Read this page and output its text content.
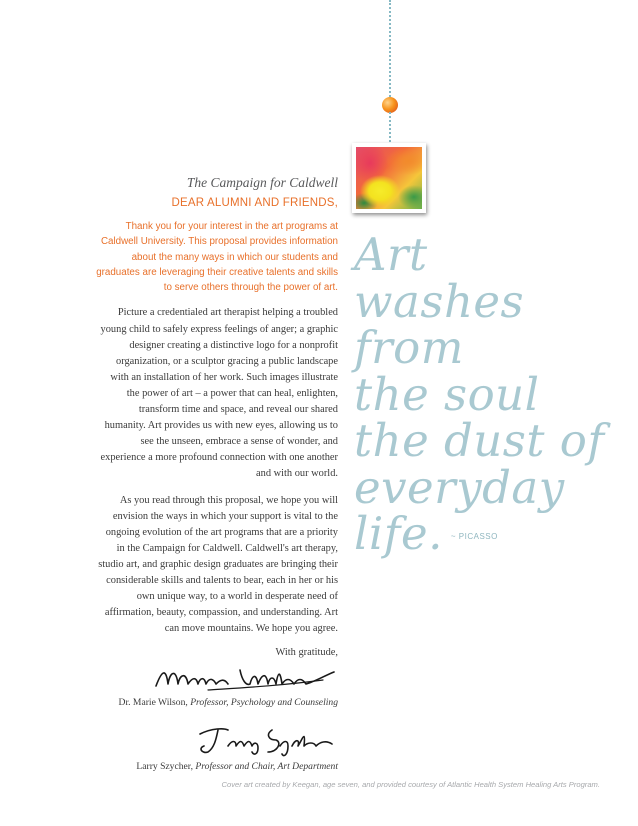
The Campaign for Caldwell

DEAR ALUMNI AND FRIENDS,

Thank you for your interest in the art programs at Caldwell University. This proposal provides information about the many ways in which our students and graduates are leveraging their creative talents and skills to serve others through the power of art.

Picture a credentialed art therapist helping a troubled young child to safely express feelings of anger; a graphic designer creating a distinctive logo for a nonprofit organization, or a sculptor gracing a public landscape with an installation of her work. Such images illustrate the power of art – a power that can heal, enlighten, transform time and space, and reveal our shared humanity. Art provides us with new eyes, allowing us to see the unseen, embrace a sense of wonder, and experience a more profound connection with one another and with our world.

As you read through this proposal, we hope you will envision the ways in which your support is vital to the ongoing evolution of the art programs that are a priority in the Campaign for Caldwell. Caldwell's art therapy, studio art, and graphic design graduates are bringing their considerable skills and talents to bear, each in her or his own unique way, to a world in desperate need of affirmation, beauty, compassion, and understanding. Art can move mountains. We hope you agree.

With gratitude,

Dr. Marie Wilson, Professor, Psychology and Counseling

Larry Szycher, Professor and Chair, Art Department

Art
washes
from
the soul
the dust of
everyday
life. ~ PICASSO
Cover art created by Keegan, age seven, and provided courtesy of Atlantic Health System Healing Arts Program.
